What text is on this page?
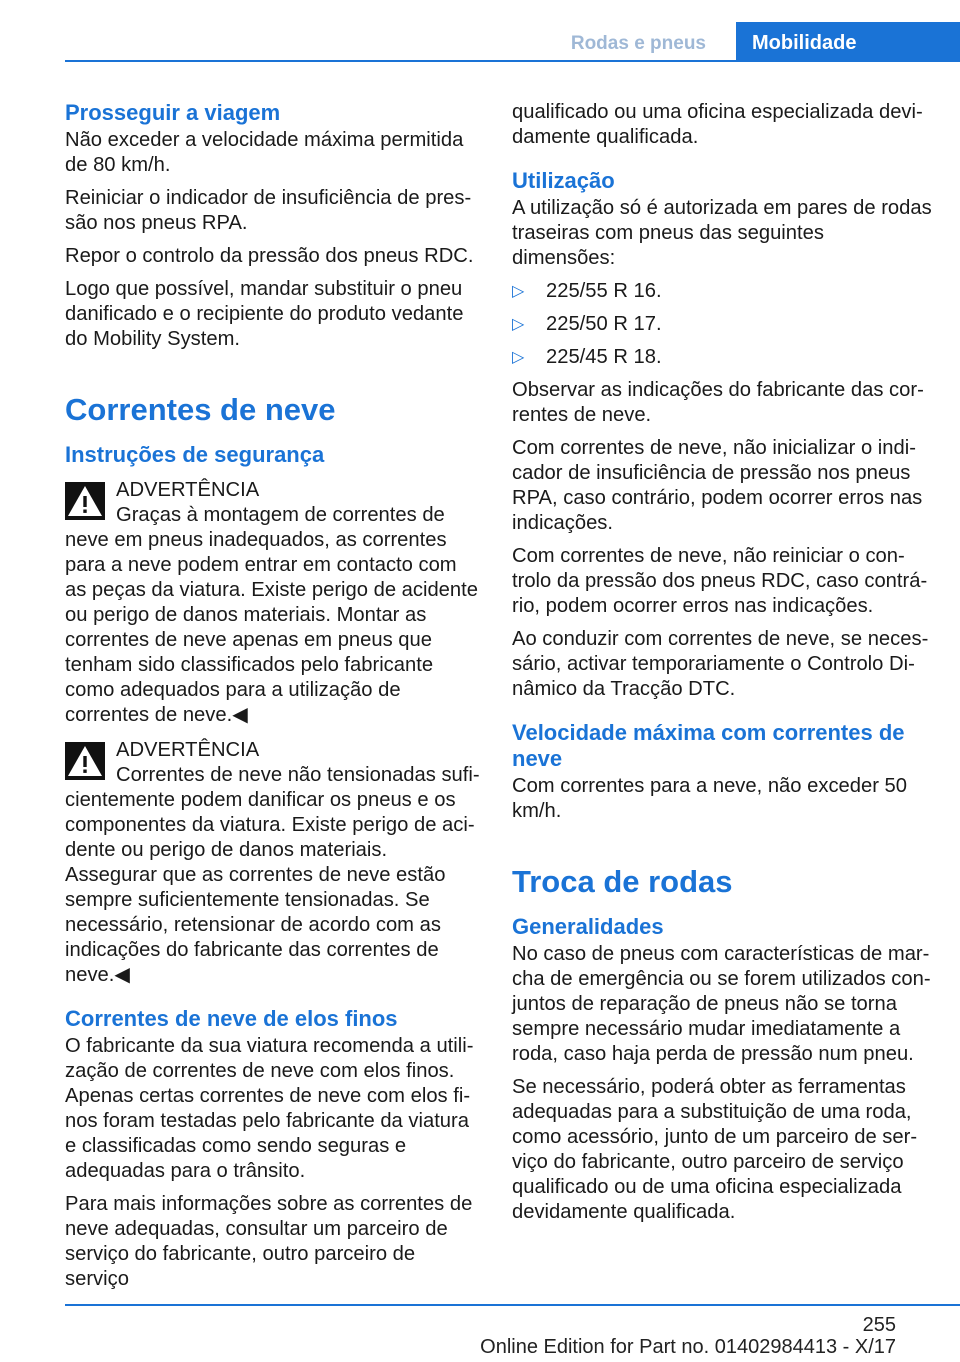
Rodas e pneus	Mobilidade
Prosseguir a viagem

Não exceder a velocidade máxima permitida de 80 km/h.

Reiniciar o indicador de insuficiência de pressão nos pneus RPA.

Repor o controlo da pressão dos pneus RDC.

Logo que possível, mandar substituir o pneu danificado e o recipiente do produto vedante do Mobility System.

Correntes de neve
Instruções de segurança

ADVERTÊNCIA

Graças à montagem de correntes de neve em pneus inadequados, as correntes para a neve podem entrar em contacto com as peças da viatura. Existe perigo de acidente ou perigo de danos materiais. Montar as correntes de neve apenas em pneus que tenham sido classificados pelo fabricante como adequados para a utilização de correntes de neve.◀

ADVERTÊNCIA

Correntes de neve não tensionadas suficientemente podem danificar os pneus e os componentes da viatura. Existe perigo de acidente ou perigo de danos materiais. Assegurar que as correntes de neve estão sempre suficientemente tensionadas. Se necessário, retensionar de acordo com as indicações do fabricante das correntes de neve.◀

Correntes de neve de elos finos

O fabricante da sua viatura recomenda a utilização de correntes de neve com elos finos. Apenas certas correntes de neve com elos finos foram testadas pelo fabricante da viatura e classificadas como sendo seguras e adequadas para o trânsito.

Para mais informações sobre as correntes de neve adequadas, consultar um parceiro de serviço do fabricante, outro parceiro de serviço

qualificado ou uma oficina especializada devidamente qualificada.

Utilização

A utilização só é autorizada em pares de rodas traseiras com pneus das seguintes dimensões:

▷ 225/55 R 16.
▷ 225/50 R 17.
▷ 225/45 R 18.

Observar as indicações do fabricante das correntes de neve.

Com correntes de neve, não inicializar o indicador de insuficiência de pressão nos pneus RPA, caso contrário, podem ocorrer erros nas indicações.

Com correntes de neve, não reiniciar o controlo da pressão dos pneus RDC, caso contrário, podem ocorrer erros nas indicações.

Ao conduzir com correntes de neve, se necessário, activar temporariamente o Controlo Dinâmico da Tracção DTC.

Velocidade máxima com correntes de neve

Com correntes para a neve, não exceder 50 km/h.

Troca de rodas
Generalidades

No caso de pneus com características de marcha de emergência ou se forem utilizados conjuntos de reparação de pneus não se torna sempre necessário mudar imediatamente a roda, caso haja perda de pressão num pneu.

Se necessário, poderá obter as ferramentas adequadas para a substituição de uma roda, como acessório, junto de um parceiro de serviço do fabricante, outro parceiro de serviço qualificado ou de uma oficina especializada devidamente qualificada.

255
Online Edition for Part no. 01402984413 - X/17
